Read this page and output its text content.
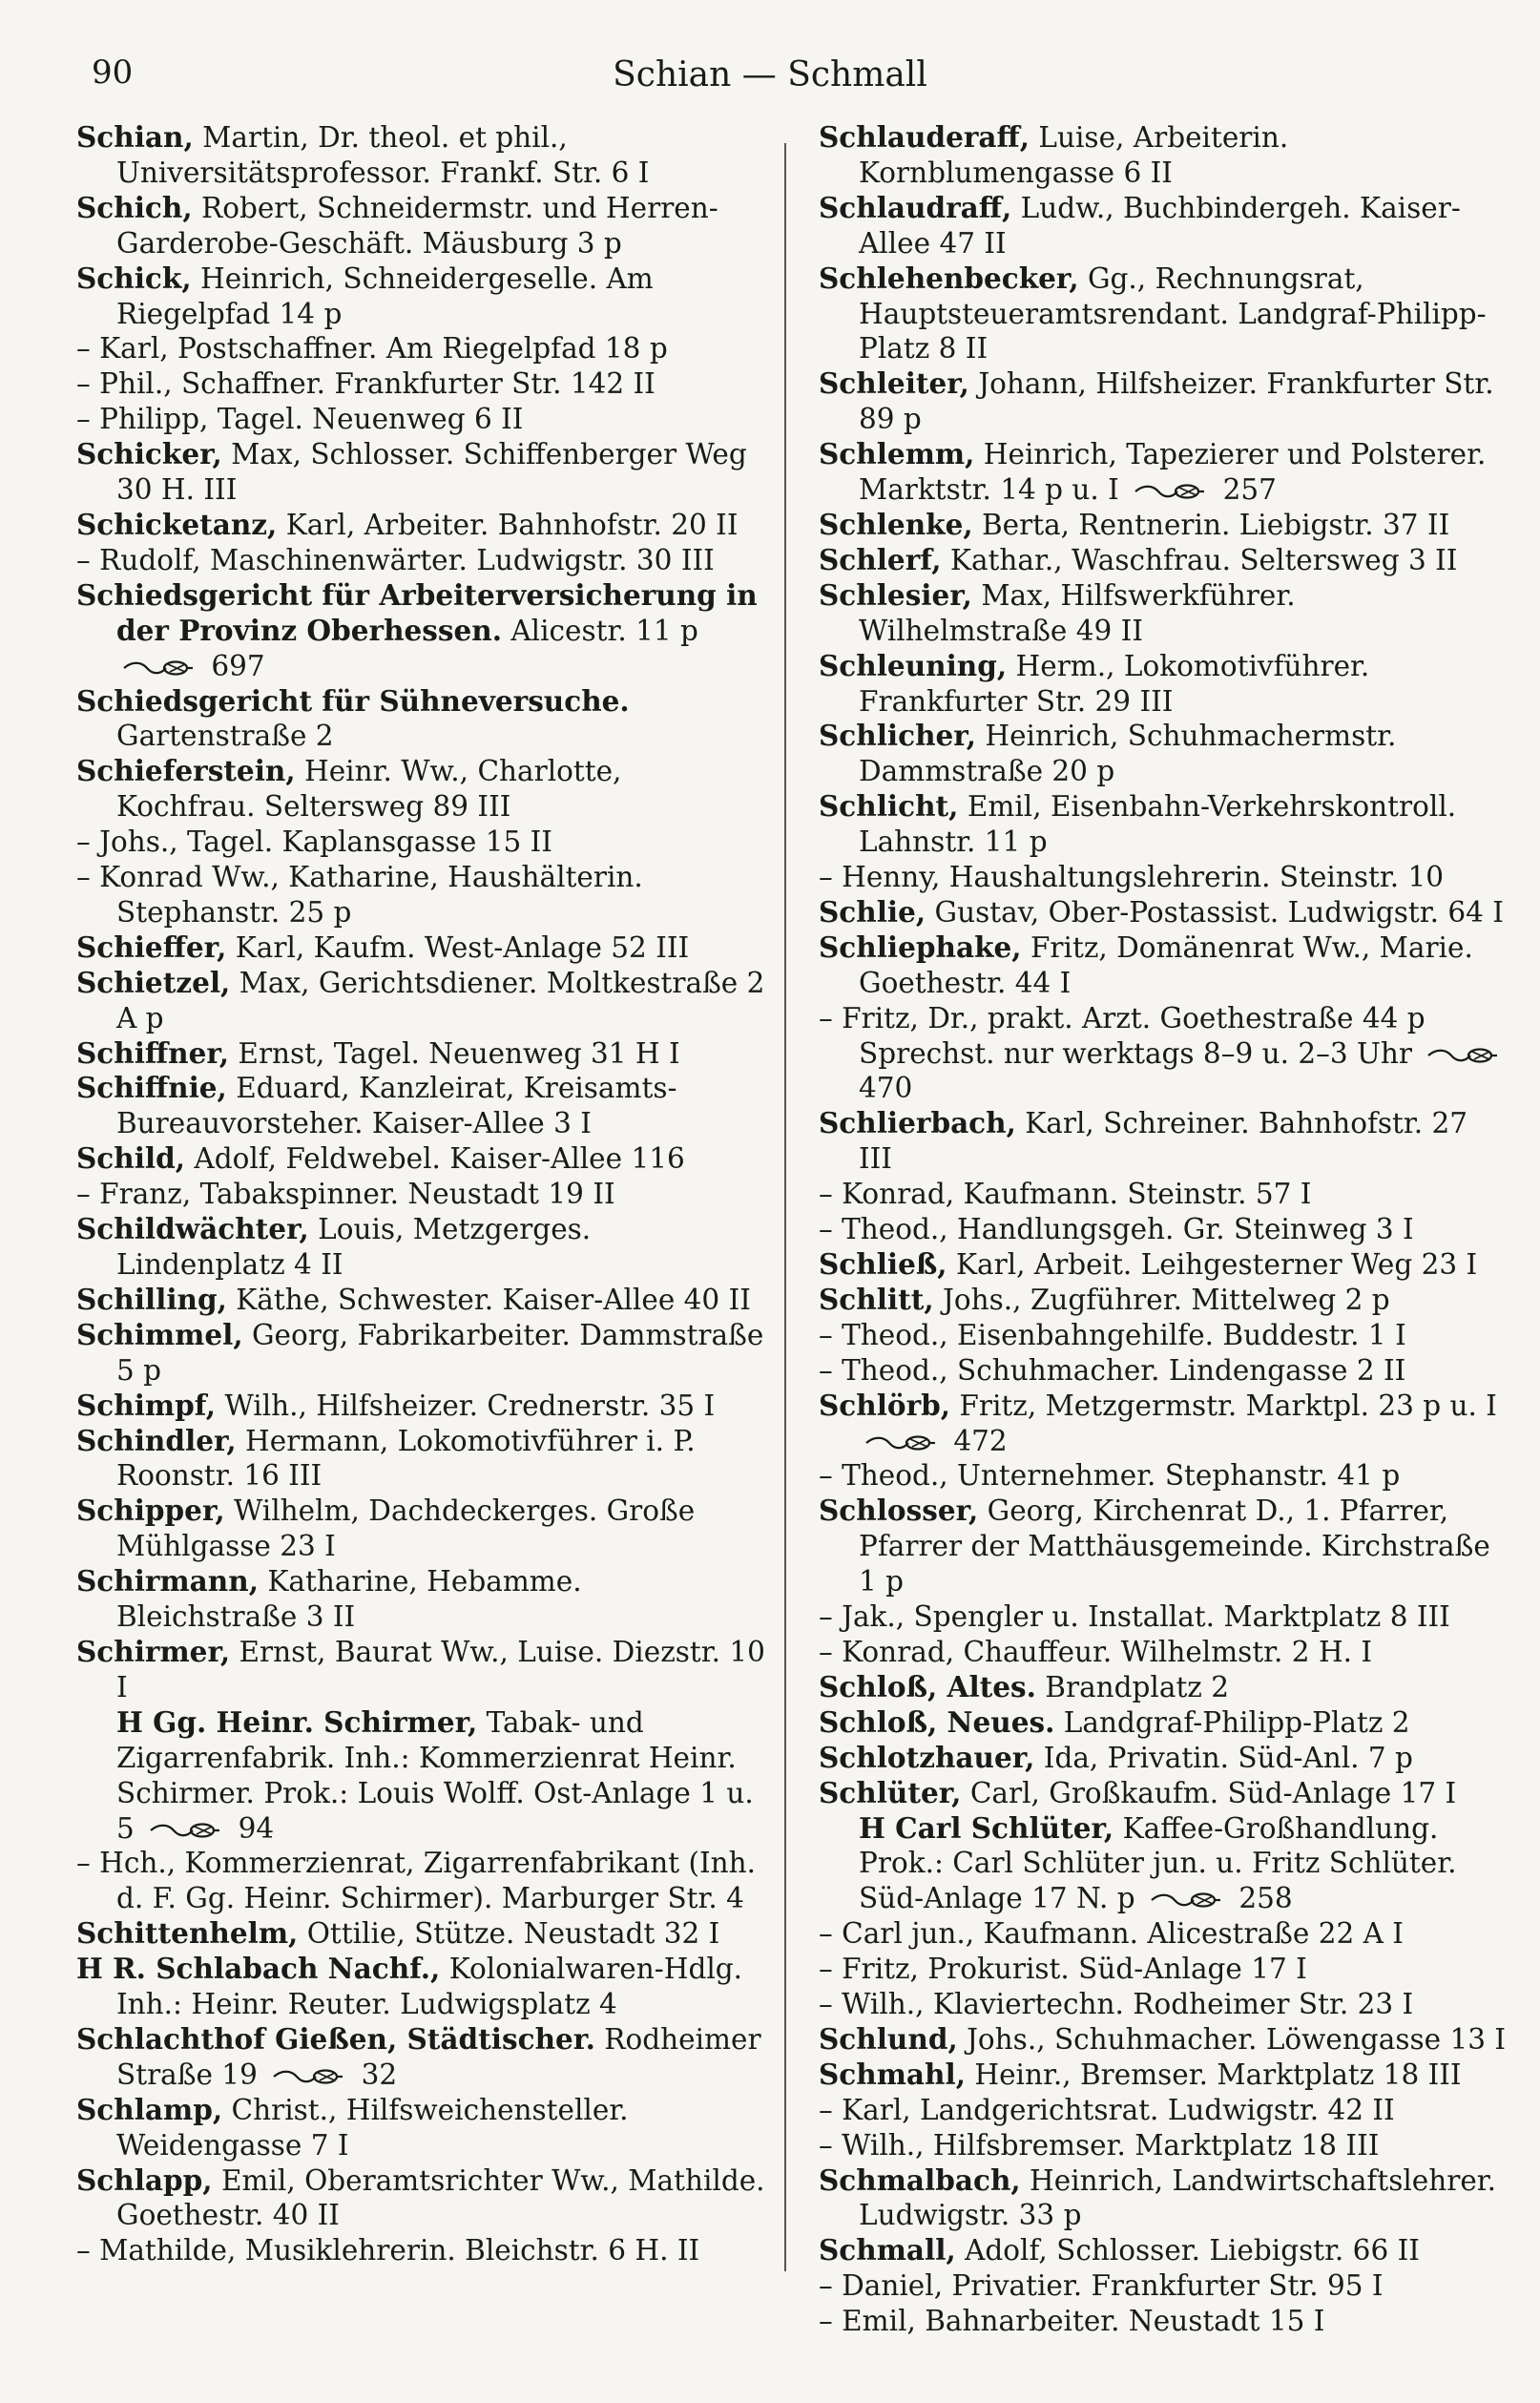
90	Schian — Schmall

Schian, Martin, Dr. theol. et phil., Universitätsprofessor. Frankf. Str. 6 I

Schich, Robert, Schneidermstr. und Herren-Garderobe-Geschäft. Mäusburg 3 p

Schick, Heinrich, Schneidergeselle. Am Riegelpfad 14 p

– Karl, Postschaffner. Am Riegelpfad 18 p

– Phil., Schaffner. Frankfurter Str. 142 II

– Philipp, Tagel. Neuenweg 6 II

Schicker, Max, Schlosser. Schiffenberger Weg 30 H. III

Schicketanz, Karl, Arbeiter. Bahnhofstr. 20 II

– Rudolf, Maschinenwärter. Ludwigstr. 30 III

Schiedsgericht für Arbeiterversicherung in der Provinz Oberhessen. Alicestr. 11 p
697

Schiedsgericht für Sühneversuche. Gartenstraße 2

Schieferstein, Heinr. Ww., Charlotte, Kochfrau. Seltersweg 89 III

– Johs., Tagel. Kaplansgasse 15 II

– Konrad Ww., Katharine, Haushälterin. Stephanstr. 25 p

Schieffer, Karl, Kaufm. West-Anlage 52 III

Schietzel, Max, Gerichtsdiener. Moltkestraße 2 A p

Schiffner, Ernst, Tagel. Neuenweg 31 H I

Schiffnie, Eduard, Kanzleirat, Kreisamts-Bureauvorsteher. Kaiser-Allee 3 I

Schild, Adolf, Feldwebel. Kaiser-Allee 116

– Franz, Tabakspinner. Neustadt 19 II

Schildwächter, Louis, Metzgerges. Lindenplatz 4 II

Schilling, Käthe, Schwester. Kaiser-Allee 40 II

Schimmel, Georg, Fabrikarbeiter. Dammstraße 5 p

Schimpf, Wilh., Hilfsheizer. Crednerstr. 35 I

Schindler, Hermann, Lokomotivführer i. P. Roonstr. 16 III

Schipper, Wilhelm, Dachdeckerges. Große Mühlgasse 23 I

Schirmann, Katharine, Hebamme. Bleichstraße 3 II

Schirmer, Ernst, Baurat Ww., Luise. Diezstr. 10 I

H Gg. Heinr. Schirmer, Tabak- und Zigarrenfabrik. Inh.: Kommerzienrat Heinr. Schirmer. Prok.: Louis Wolff. Ost-Anlage 1 u. 5	94

– Hch., Kommerzienrat, Zigarrenfabrikant (Inh. d. F. Gg. Heinr. Schirmer). Marburger Str. 4

Schittenhelm, Ottilie, Stütze. Neustadt 32 I

H R. Schlabach Nachf., Kolonialwaren-Hdlg. Inh.: Heinr. Reuter. Ludwigsplatz 4

Schlachthof Gießen, Städtischer. Rodheimer Straße 19	32

Schlamp, Christ., Hilfsweichensteller. Weidengasse 7 I

Schlapp, Emil, Oberamtsrichter Ww., Mathilde. Goethestr. 40 II

– Mathilde, Musiklehrerin. Bleichstr. 6 H. II

Schlauderaff, Luise, Arbeiterin. Kornblumengasse 6 II

Schlaudraff, Ludw., Buchbindergeh. Kaiser-Allee 47 II

Schlehenbecker, Gg., Rechnungsrat, Hauptsteueramtsrendant. Landgraf-Philipp-Platz 8 II

Schleiter, Johann, Hilfsheizer. Frankfurter Str. 89 p

Schlemm, Heinrich, Tapezierer und Polsterer. Marktstr. 14 p u. I	257

Schlenke, Berta, Rentnerin. Liebigstr. 37 II

Schlerf, Kathar., Waschfrau. Seltersweg 3 II

Schlesier, Max, Hilfswerkführer. Wilhelmstraße 49 II

Schleuning, Herm., Lokomotivführer. Frankfurter Str. 29 III

Schlicher, Heinrich, Schuhmachermstr. Dammstraße 20 p

Schlicht, Emil, Eisenbahn-Verkehrskontroll. Lahnstr. 11 p

– Henny, Haushaltungslehrerin. Steinstr. 10

Schlie, Gustav, Ober-Postassist. Ludwigstr. 64 I

Schliephake, Fritz, Domänenrat Ww., Marie. Goethestr. 44 I

– Fritz, Dr., prakt. Arzt. Goethestraße 44 p Sprechst. nur werktags 8–9 u. 2–3 Uhr
470

Schlierbach, Karl, Schreiner. Bahnhofstr. 27 III

– Konrad, Kaufmann. Steinstr. 57 I

– Theod., Handlungsgeh. Gr. Steinweg 3 I

Schließ, Karl, Arbeit. Leihgesterner Weg 23 I

Schlitt, Johs., Zugführer. Mittelweg 2 p

– Theod., Eisenbahngehilfe. Buddestr. 1 I

– Theod., Schuhmacher. Lindengasse 2 II

Schlörb, Fritz, Metzgermstr. Marktpl. 23 p u. I
472

– Theod., Unternehmer. Stephanstr. 41 p

Schlosser, Georg, Kirchenrat D., 1. Pfarrer, Pfarrer der Matthäusgemeinde. Kirchstraße 1 p

– Jak., Spengler u. Installat. Marktplatz 8 III

– Konrad, Chauffeur. Wilhelmstr. 2 H. I

Schloß, Altes. Brandplatz 2

Schloß, Neues. Landgraf-Philipp-Platz 2

Schlotzhauer, Ida, Privatin. Süd-Anl. 7 p

Schlüter, Carl, Großkaufm. Süd-Anlage 17 I

H Carl Schlüter, Kaffee-Großhandlung. Prok.: Carl Schlüter jun. u. Fritz Schlüter. Süd-Anlage 17 N. p	258

– Carl jun., Kaufmann. Alicestraße 22 A I

– Fritz, Prokurist. Süd-Anlage 17 I

– Wilh., Klaviertechn. Rodheimer Str. 23 I

Schlund, Johs., Schuhmacher. Löwengasse 13 I

Schmahl, Heinr., Bremser. Marktplatz 18 III

– Karl, Landgerichtsrat. Ludwigstr. 42 II

– Wilh., Hilfsbremser. Marktplatz 18 III

Schmalbach, Heinrich, Landwirtschaftslehrer. Ludwigstr. 33 p

Schmall, Adolf, Schlosser. Liebigstr. 66 II

– Daniel, Privatier. Frankfurter Str. 95 I

– Emil, Bahnarbeiter. Neustadt 15 I
